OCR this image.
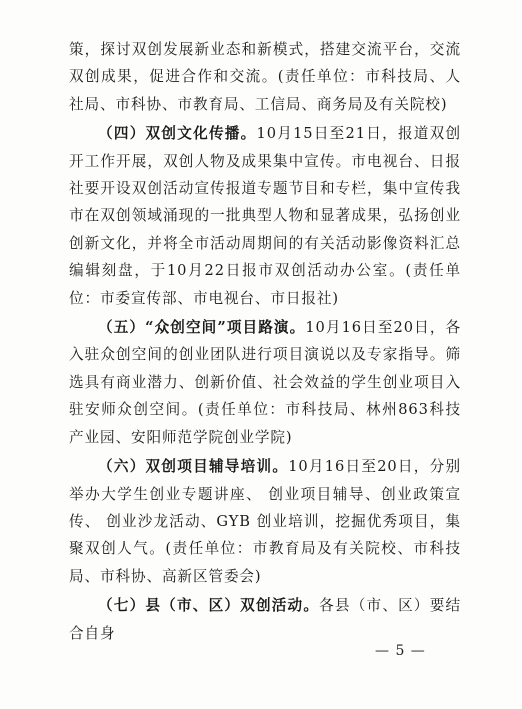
策，探讨双创发展新业态和新模式，搭建交流平台，交流双创成果，促进合作和交流。(责任单位：市科技局、人社局、市科协、市教育局、工信局、商务局及有关院校)

（四）双创文化传播。10月15日至21日，报道双创开工作开展，双创人物及成果集中宣传。市电视台、日报社要开设双创活动宣传报道专题节目和专栏，集中宣传我市在双创领域涌现的一批典型人物和显著成果，弘扬创业创新文化，并将全市活动周期间的有关活动影像资料汇总编辑刻盘，于10月22日报市双创活动办公室。(责任单位：市委宣传部、市电视台、市日报社)

（五）“众创空间”项目路演。10月16日至20日，各入驻众创空间的创业团队进行项目演说以及专家指导。筛选具有商业潜力、创新价值、社会效益的学生创业项目入驻安师众创空间。(责任单位：市科技局、林州863科技产业园、安阳师范学院创业学院)

（六）双创项目辅导培训。10月16日至20日，分别举办大学生创业专题讲座、 创业项目辅导、创业政策宣传、 创业沙龙活动、GYB 创业培训，挖掘优秀项目，集聚双创人气。(责任单位：市教育局及有关院校、市科技局、市科协、高新区管委会)

（七）县（市、区）双创活动。各县（市、区）要结合自身

— 5 —
